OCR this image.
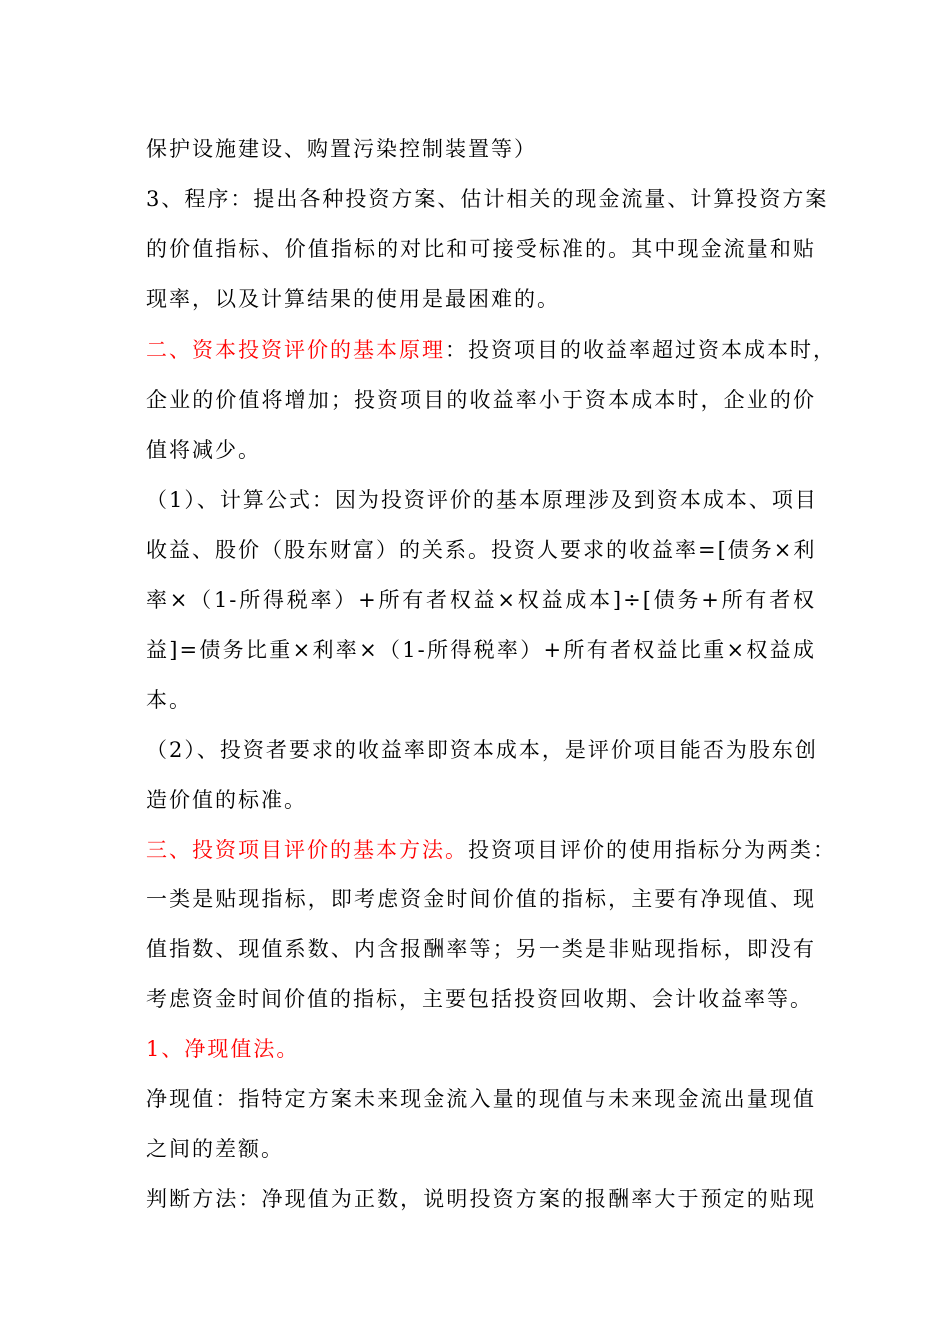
保护设施建设、购置污染控制装置等）
3、程序：提出各种投资方案、估计相关的现金流量、计算投资方案
的价值指标、价值指标的对比和可接受标准的。其中现金流量和贴
现率，以及计算结果的使用是最困难的。
二、资本投资评价的基本原理：投资项目的收益率超过资本成本时，
企业的价值将增加；投资项目的收益率小于资本成本时，企业的价
值将减少。
（1）、计算公式：因为投资评价的基本原理涉及到资本成本、项目
收益、股价（股东财富）的关系。投资人要求的收益率=[债务×利
率×（1-所得税率）+所有者权益×权益成本]÷[债务+所有者权
益]=债务比重×利率×（1-所得税率）+所有者权益比重×权益成
本。
（2）、投资者要求的收益率即资本成本，是评价项目能否为股东创
造价值的标准。
三、投资项目评价的基本方法。投资项目评价的使用指标分为两类：
一类是贴现指标，即考虑资金时间价值的指标，主要有净现值、现
值指数、现值系数、内含报酬率等；另一类是非贴现指标，即没有
考虑资金时间价值的指标，主要包括投资回收期、会计收益率等。
1、净现值法。
净现值：指特定方案未来现金流入量的现值与未来现金流出量现值
之间的差额。
判断方法：净现值为正数，说明投资方案的报酬率大于预定的贴现
